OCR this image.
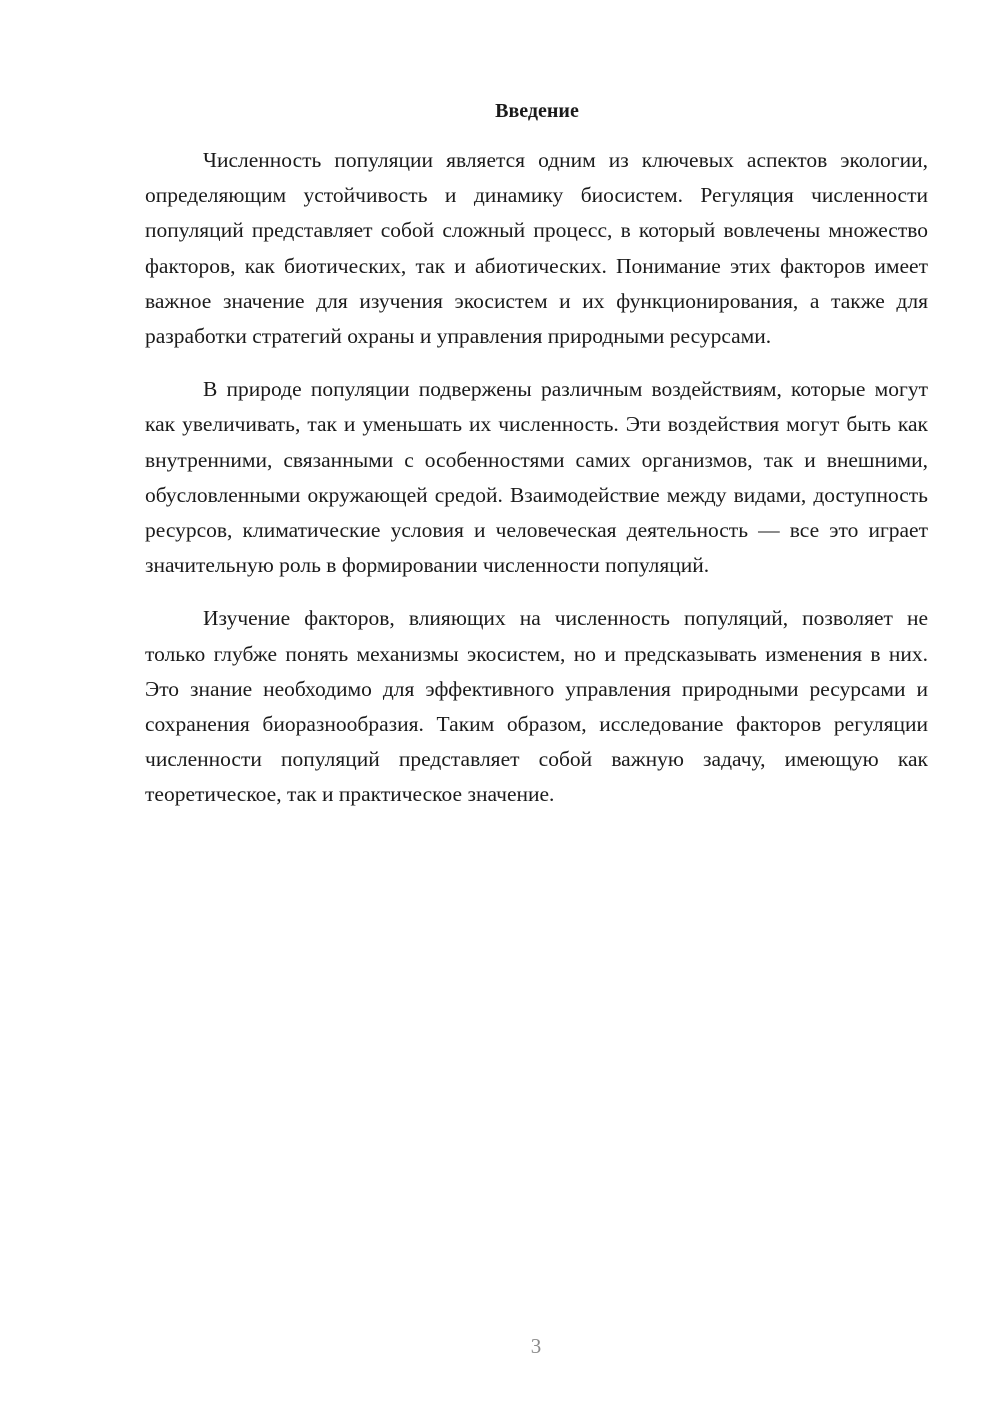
Введение

Численность популяции является одним из ключевых аспектов экологии, определяющим устойчивость и динамику биосистем. Регуляция численности популяций представляет собой сложный процесс, в который вовлечены множество факторов, как биотических, так и абиотических. Понимание этих факторов имеет важное значение для изучения экосистем и их функционирования, а также для разработки стратегий охраны и управления природными ресурсами.

В природе популяции подвержены различным воздействиям, которые могут как увеличивать, так и уменьшать их численность. Эти воздействия могут быть как внутренними, связанными с особенностями самих организмов, так и внешними, обусловленными окружающей средой. Взаимодействие между видами, доступность ресурсов, климатические условия и человеческая деятельность — все это играет значительную роль в формировании численности популяций.

Изучение факторов, влияющих на численность популяций, позволяет не только глубже понять механизмы экосистем, но и предсказывать изменения в них. Это знание необходимо для эффективного управления природными ресурсами и сохранения биоразнообразия. Таким образом, исследование факторов регуляции численности популяций представляет собой важную задачу, имеющую как теоретическое, так и практическое значение.

3
